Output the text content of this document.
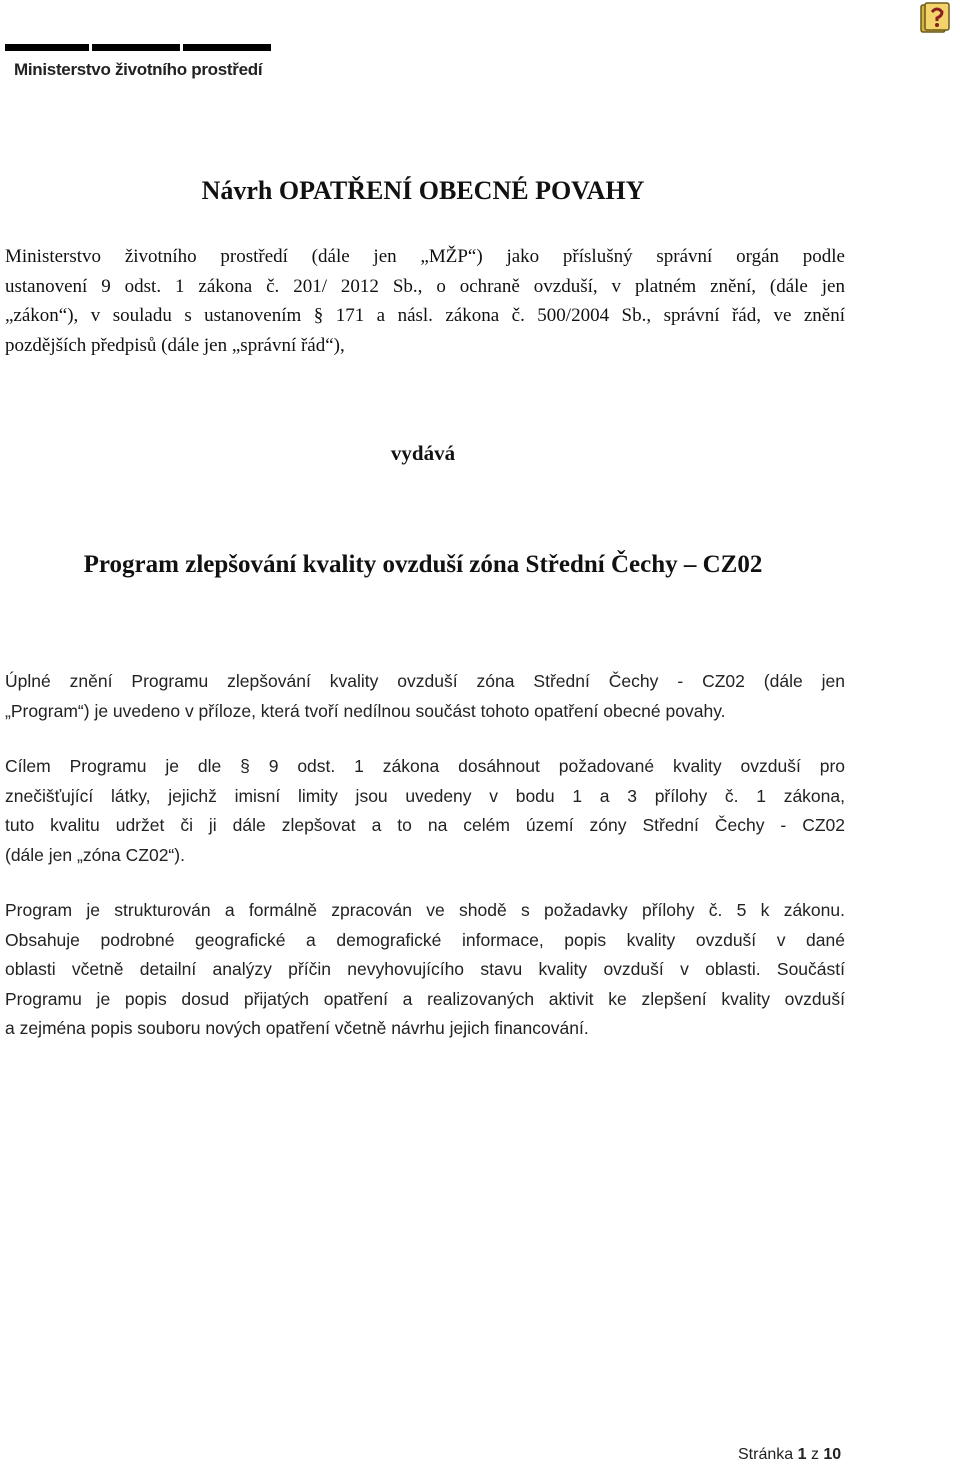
Ministerstvo životního prostředí
Návrh OPATŘENÍ OBECNÉ POVAHY
Ministerstvo životního prostředí (dále jen „MŽP“) jako příslušný správní orgán podle
ustanovení 9 odst. 1 zákona č. 201/ 2012 Sb., o ochraně ovzduší, v platném znění, (dále jen
„zákon“), v souladu s ustanovením § 171 a násl. zákona č. 500/2004 Sb., správní řád, ve znění
pozdějších předpisů (dále jen „správní řád“),
vydává
Program zlepšování kvality ovzduší zóna Střední Čechy – CZ02
Úplné znění Programu zlepšování kvality ovzduší zóna Střední Čechy - CZ02 (dále jen
„Program“) je uvedeno v příloze, která tvoří nedílnou součást tohoto opatření obecné povahy.
Cílem Programu je dle § 9 odst. 1 zákona dosáhnout požadované kvality ovzduší pro
znečišťující látky, jejichž imisní limity jsou uvedeny v bodu 1 a 3 přílohy č. 1 zákona,
tuto kvalitu udržet či ji dále zlepšovat a to na celém území zóny Střední Čechy - CZ02
(dále jen „zóna CZ02“).
Program je strukturován a formálně zpracován ve shodě s požadavky přílohy č. 5 k zákonu.
Obsahuje podrobné geografické a demografické informace, popis kvality ovzduší v dané
oblasti včetně detailní analýzy příčin nevyhovujícího stavu kvality ovzduší v oblasti. Součástí
Programu je popis dosud přijatých opatření a realizovaných aktivit ke zlepšení kvality ovzduší
a zejména popis souboru nových opatření včetně návrhu jejich financování.
Stránka 1 z 10
